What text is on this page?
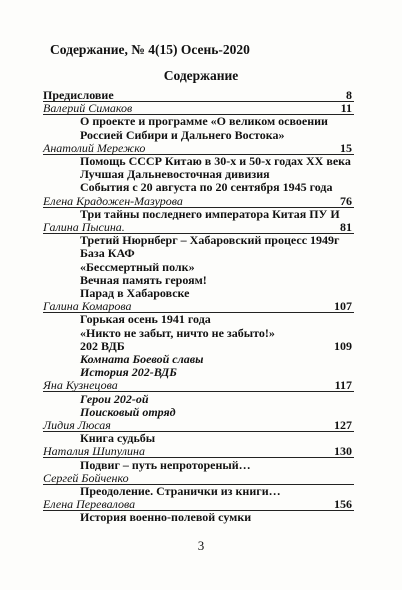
Содержание, № 4(15) Осень-2020
Содержание
Предисловие	8
Валерий Симаков	11
О проекте и программе «О великом освоении
Россией Сибири и Дальнего Востока»
Анатолий Мережко	15
Помощь СССР Китаю в 30-х и 50-х годах XX века
Лучшая Дальневосточная дивизия
События с 20 августа по 20 сентября 1945 года
Елена Крадожен-Мазурова	76
Три тайны последнего императора Китая ПУ И
Галина Пысина.	81
Третий Нюрнберг – Хабаровский процесс 1949г
База КАФ
«Бессмертный полк»
Вечная память героям!
Парад в Хабаровске
Галина Комарова	107
Горькая осень 1941 года
«Никто не забыт, ничто не забыто!»
202 ВДБ	109
Комната Боевой славы
История 202-ВДБ
Яна Кузнецова	117
Герои 202-ой
Поисковый отряд
Лидия Люсая	127
Книга судьбы
Наталия Шипулина	130
Подвиг – путь непротореный…
Сергей Бойченко
Преодоление. Странички из книги…
Елена Перевалова	156
История военно-полевой сумки
3
